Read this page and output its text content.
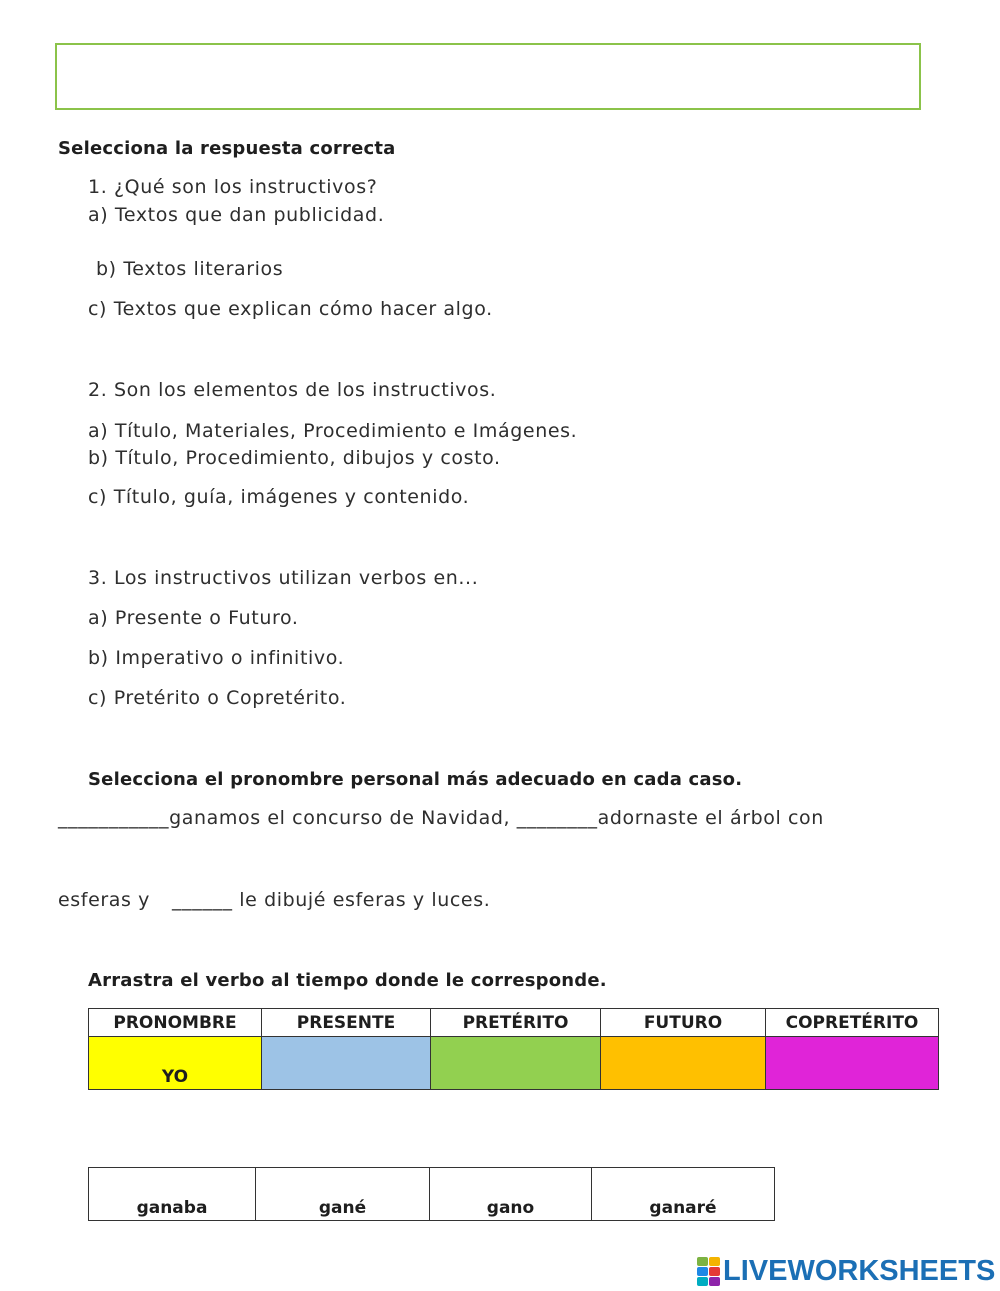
Selecciona la respuesta correcta
1. ¿Qué son los instructivos?
a) Textos que dan publicidad.
b) Textos literarios
c) Textos que explican cómo hacer algo.
2. Son los elementos de los instructivos.
a) Título, Materiales, Procedimiento e Imágenes.
b) Título, Procedimiento, dibujos y costo.
c) Título, guía, imágenes y contenido.
3. Los instructivos utilizan verbos en...
a) Presente o Futuro.
b) Imperativo o infinitivo.
c) Pretérito o Copretérito.
Selecciona el pronombre personal más adecuado en cada caso.
___________ganamos el concurso de Navidad, ________adornaste el árbol con
esferas y ______ le dibujé esferas y luces.
Arrastra el verbo al tiempo donde le corresponde.
PRONOMBRE	PRESENTE	PRETÉRITO	FUTURO	COPRETÉRITO
YO				
ganaba	gané	gano	ganaré
LIVEWORKSHEETS
